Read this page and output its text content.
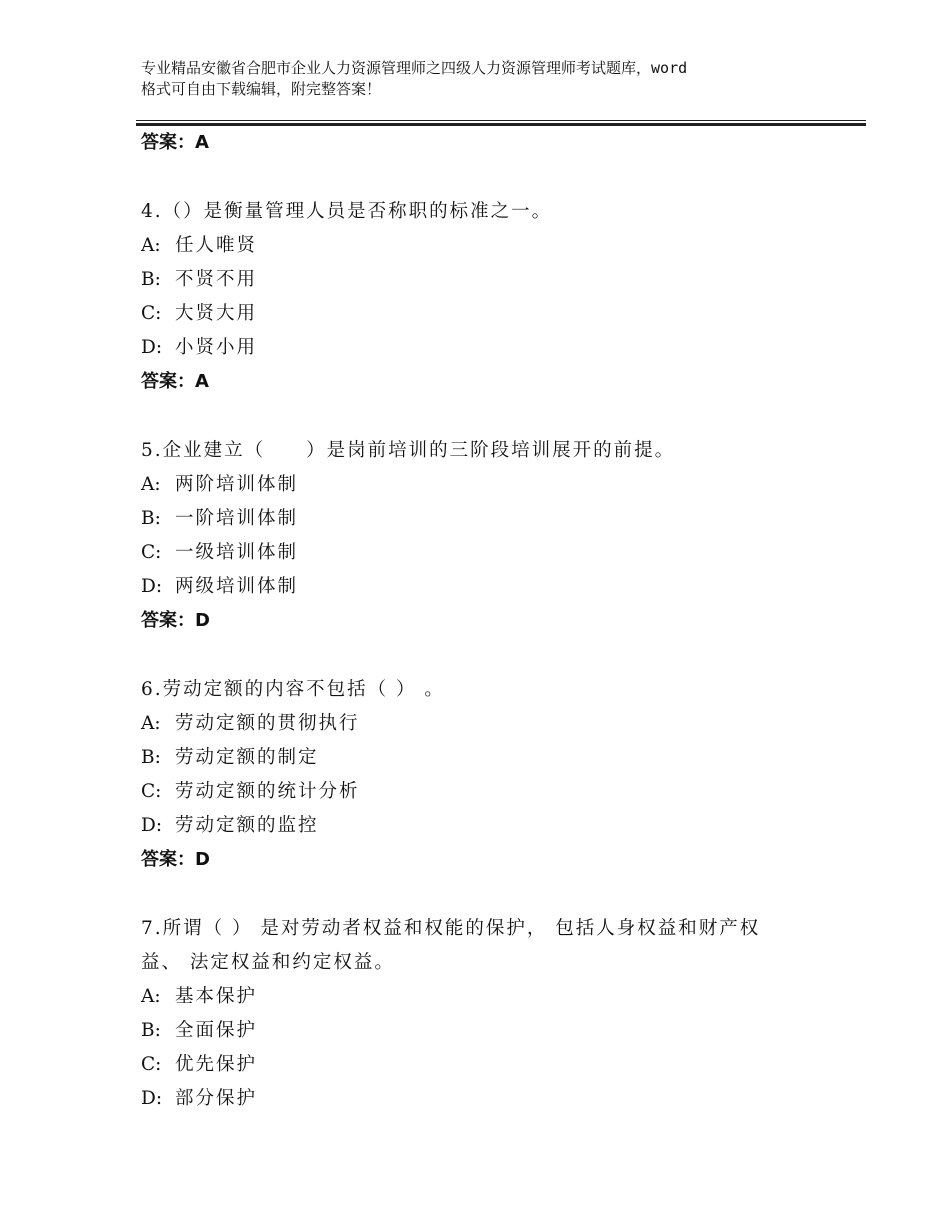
专业精品安徽省合肥市企业人力资源管理师之四级人力资源管理师考试题库，word
格式可自由下载编辑，附完整答案！
答案：A
4.（）是衡量管理人员是否称职的标准之一。
A: 任人唯贤
B: 不贤不用
C: 大贤大用
D: 小贤小用
答案：A
5.企业建立（　　）是岗前培训的三阶段培训展开的前提。
A: 两阶培训体制
B: 一阶培训体制
C: 一级培训体制
D: 两级培训体制
答案：D
6.劳动定额的内容不包括（ ） 。
A: 劳动定额的贯彻执行
B: 劳动定额的制定
C: 劳动定额的统计分析
D: 劳动定额的监控
答案：D
7.所谓（ ） 是对劳动者权益和权能的保护， 包括人身权益和财产权
益、 法定权益和约定权益。
A: 基本保护
B: 全面保护
C: 优先保护
D: 部分保护
